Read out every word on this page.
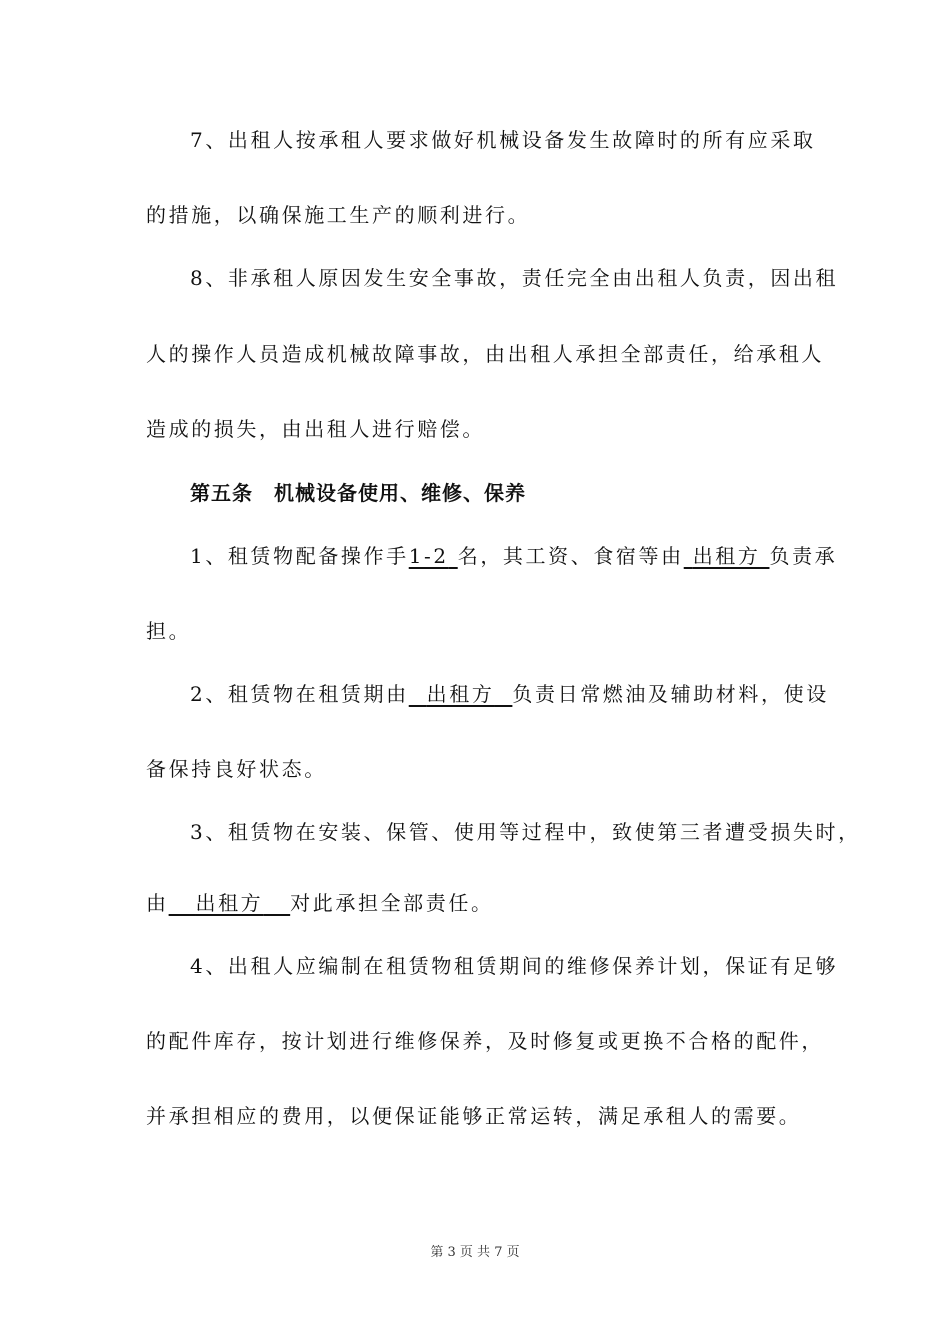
7、出租人按承租人要求做好机械设备发生故障时的所有应采取
的措施，以确保施工生产的顺利进行。
8、非承租人原因发生安全事故，责任完全由出租人负责，因出租
人的操作人员造成机械故障事故，由出租人承担全部责任，给承租人
造成的损失，由出租人进行赔偿。
第五条　机械设备使用、维修、保养
1、租赁物配备操作手1-2 名，其工资、食宿等由 出租方 负责承
担。
2、租赁物在租赁期由 出租方 负责日常燃油及辅助材料，使设
备保持良好状态。
3、租赁物在安装、保管、使用等过程中，致使第三者遭受损失时，
由 出租方 对此承担全部责任。
4、出租人应编制在租赁物租赁期间的维修保养计划，保证有足够
的配件库存，按计划进行维修保养，及时修复或更换不合格的配件，
并承担相应的费用，以便保证能够正常运转，满足承租人的需要。
第 3 页 共 7 页
